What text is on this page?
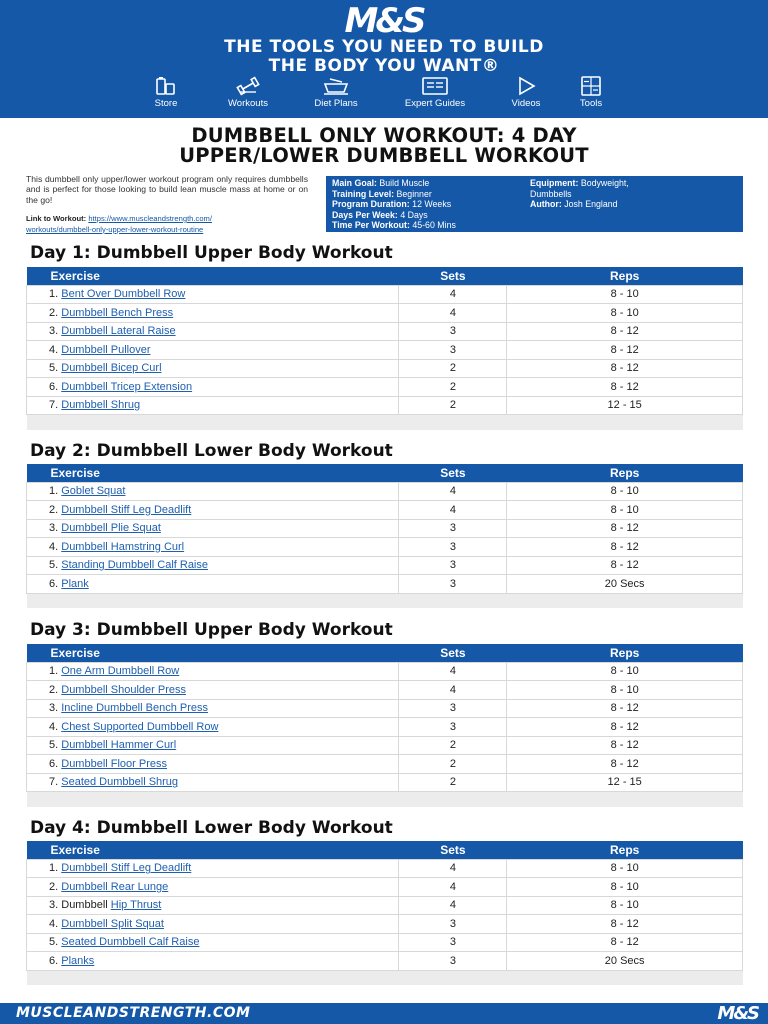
M&S
THE TOOLS YOU NEED TO BUILD
THE BODY YOU WANT®
Store	Workouts	Diet Plans	Expert Guides	Videos	Tools
DUMBBELL ONLY WORKOUT: 4 DAY
UPPER/LOWER DUMBBELL WORKOUT
This dumbbell only upper/lower workout program only requires dumbbells and is perfect for those looking to build lean muscle mass at home or on the go!
Link to Workout: https://www.muscleandstrength.com/
workouts/dumbbell-only-upper-lower-workout-routine
Main Goal: Build Muscle
Training Level: Beginner
Program Duration: 12 Weeks
Days Per Week: 4 Days
Time Per Workout: 45-60 Mins
Equipment: Bodyweight,
Dumbbells
Author: Josh England
Day 1: Dumbbell Upper Body Workout
Exercise	Sets	Reps
1. Bent Over Dumbbell Row	4	8 - 10
2. Dumbbell Bench Press	4	8 - 10
3. Dumbbell Lateral Raise	3	8 - 12
4. Dumbbell Pullover	3	8 - 12
5. Dumbbell Bicep Curl	2	8 - 12
6. Dumbbell Tricep Extension	2	8 - 12
7. Dumbbell Shrug	2	12 - 15

Day 2: Dumbbell Lower Body Workout
Exercise	Sets	Reps
1. Goblet Squat	4	8 - 10
2. Dumbbell Stiff Leg Deadlift	4	8 - 10
3. Dumbbell Plie Squat	3	8 - 12
4. Dumbbell Hamstring Curl	3	8 - 12
5. Standing Dumbbell Calf Raise	3	8 - 12
6. Plank	3	20 Secs

Day 3: Dumbbell Upper Body Workout
Exercise	Sets	Reps
1. One Arm Dumbbell Row	4	8 - 10
2. Dumbbell Shoulder Press	4	8 - 10
3. Incline Dumbbell Bench Press	3	8 - 12
4. Chest Supported Dumbbell Row	3	8 - 12
5. Dumbbell Hammer Curl	2	8 - 12
6. Dumbbell Floor Press	2	8 - 12
7. Seated Dumbbell Shrug	2	12 - 15

Day 4: Dumbbell Lower Body Workout
Exercise	Sets	Reps
1. Dumbbell Stiff Leg Deadlift	4	8 - 10
2. Dumbbell Rear Lunge	4	8 - 10
3. Dumbbell Hip Thrust	4	8 - 10
4. Dumbbell Split Squat	3	8 - 12
5. Seated Dumbbell Calf Raise	3	8 - 12
6. Planks	3	20 Secs

MUSCLEANDSTRENGTH.COM	M&S
